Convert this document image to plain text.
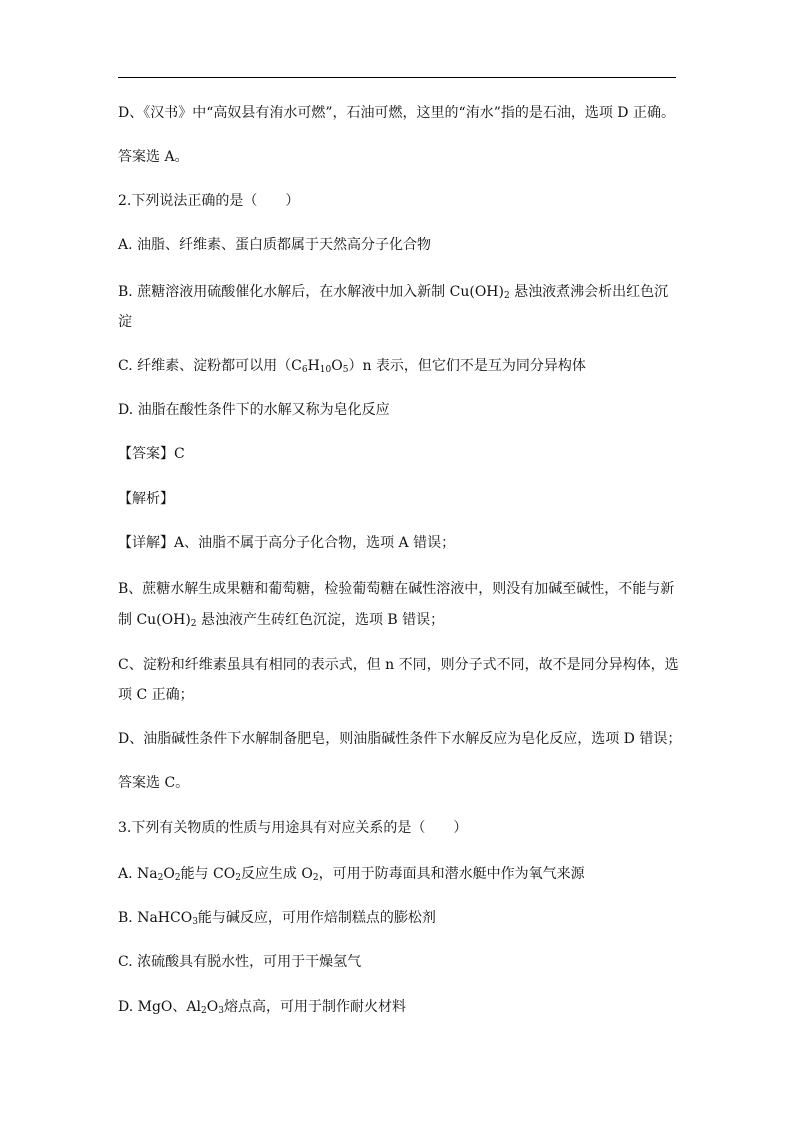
D、《汉书》中“高奴县有洧水可燃”，石油可燃，这里的“洧水”指的是石油，选项 D 正确。
答案选 A。
2.下列说法正确的是（　　）
A. 油脂、纤维素、蛋白质都属于天然高分子化合物
B. 蔗糖溶液用硫酸催化水解后，在水解液中加入新制 $Cu(OH)_2$ 悬浊液煮沸会析出红色沉
淀
C. 纤维素、淀粉都可以用$(C_6H_{10}O_5)n$ 表示，但它们不是互为同分异构体
D. 油脂在酸性条件下的水解又称为皂化反应
【答案】C
【解析】
【详解】A、油脂不属于高分子化合物，选项 A 错误；
B、蔗糖水解生成果糖和葡萄糖，检验葡萄糖在碱性溶液中，则没有加碱至碱性，不能与新
制 $Cu(OH)_2$ 悬浊液产生砖红色沉淀，选项 B 错误；
C、淀粉和纤维素虽具有相同的表示式，但 n 不同，则分子式不同，故不是同分异构体，选
项 C 正确；
D、油脂碱性条件下水解制备肥皂，则油脂碱性条件下水解反应为皂化反应，选项 D 错误；
答案选 C。
3.下列有关物质的性质与用途具有对应关系的是（　　）
A. $Na_2O_2$能与 $CO_2$反应生成 $O_2$，可用于防毒面具和潜水艇中作为氧气来源
B. NaHCO$_3$能与碱反应，可用作焙制糕点的膨松剂
C. 浓硫酸具有脱水性，可用于干燥氢气
D. MgO、$Al_2O_3$熔点高，可用于制作耐火材料
